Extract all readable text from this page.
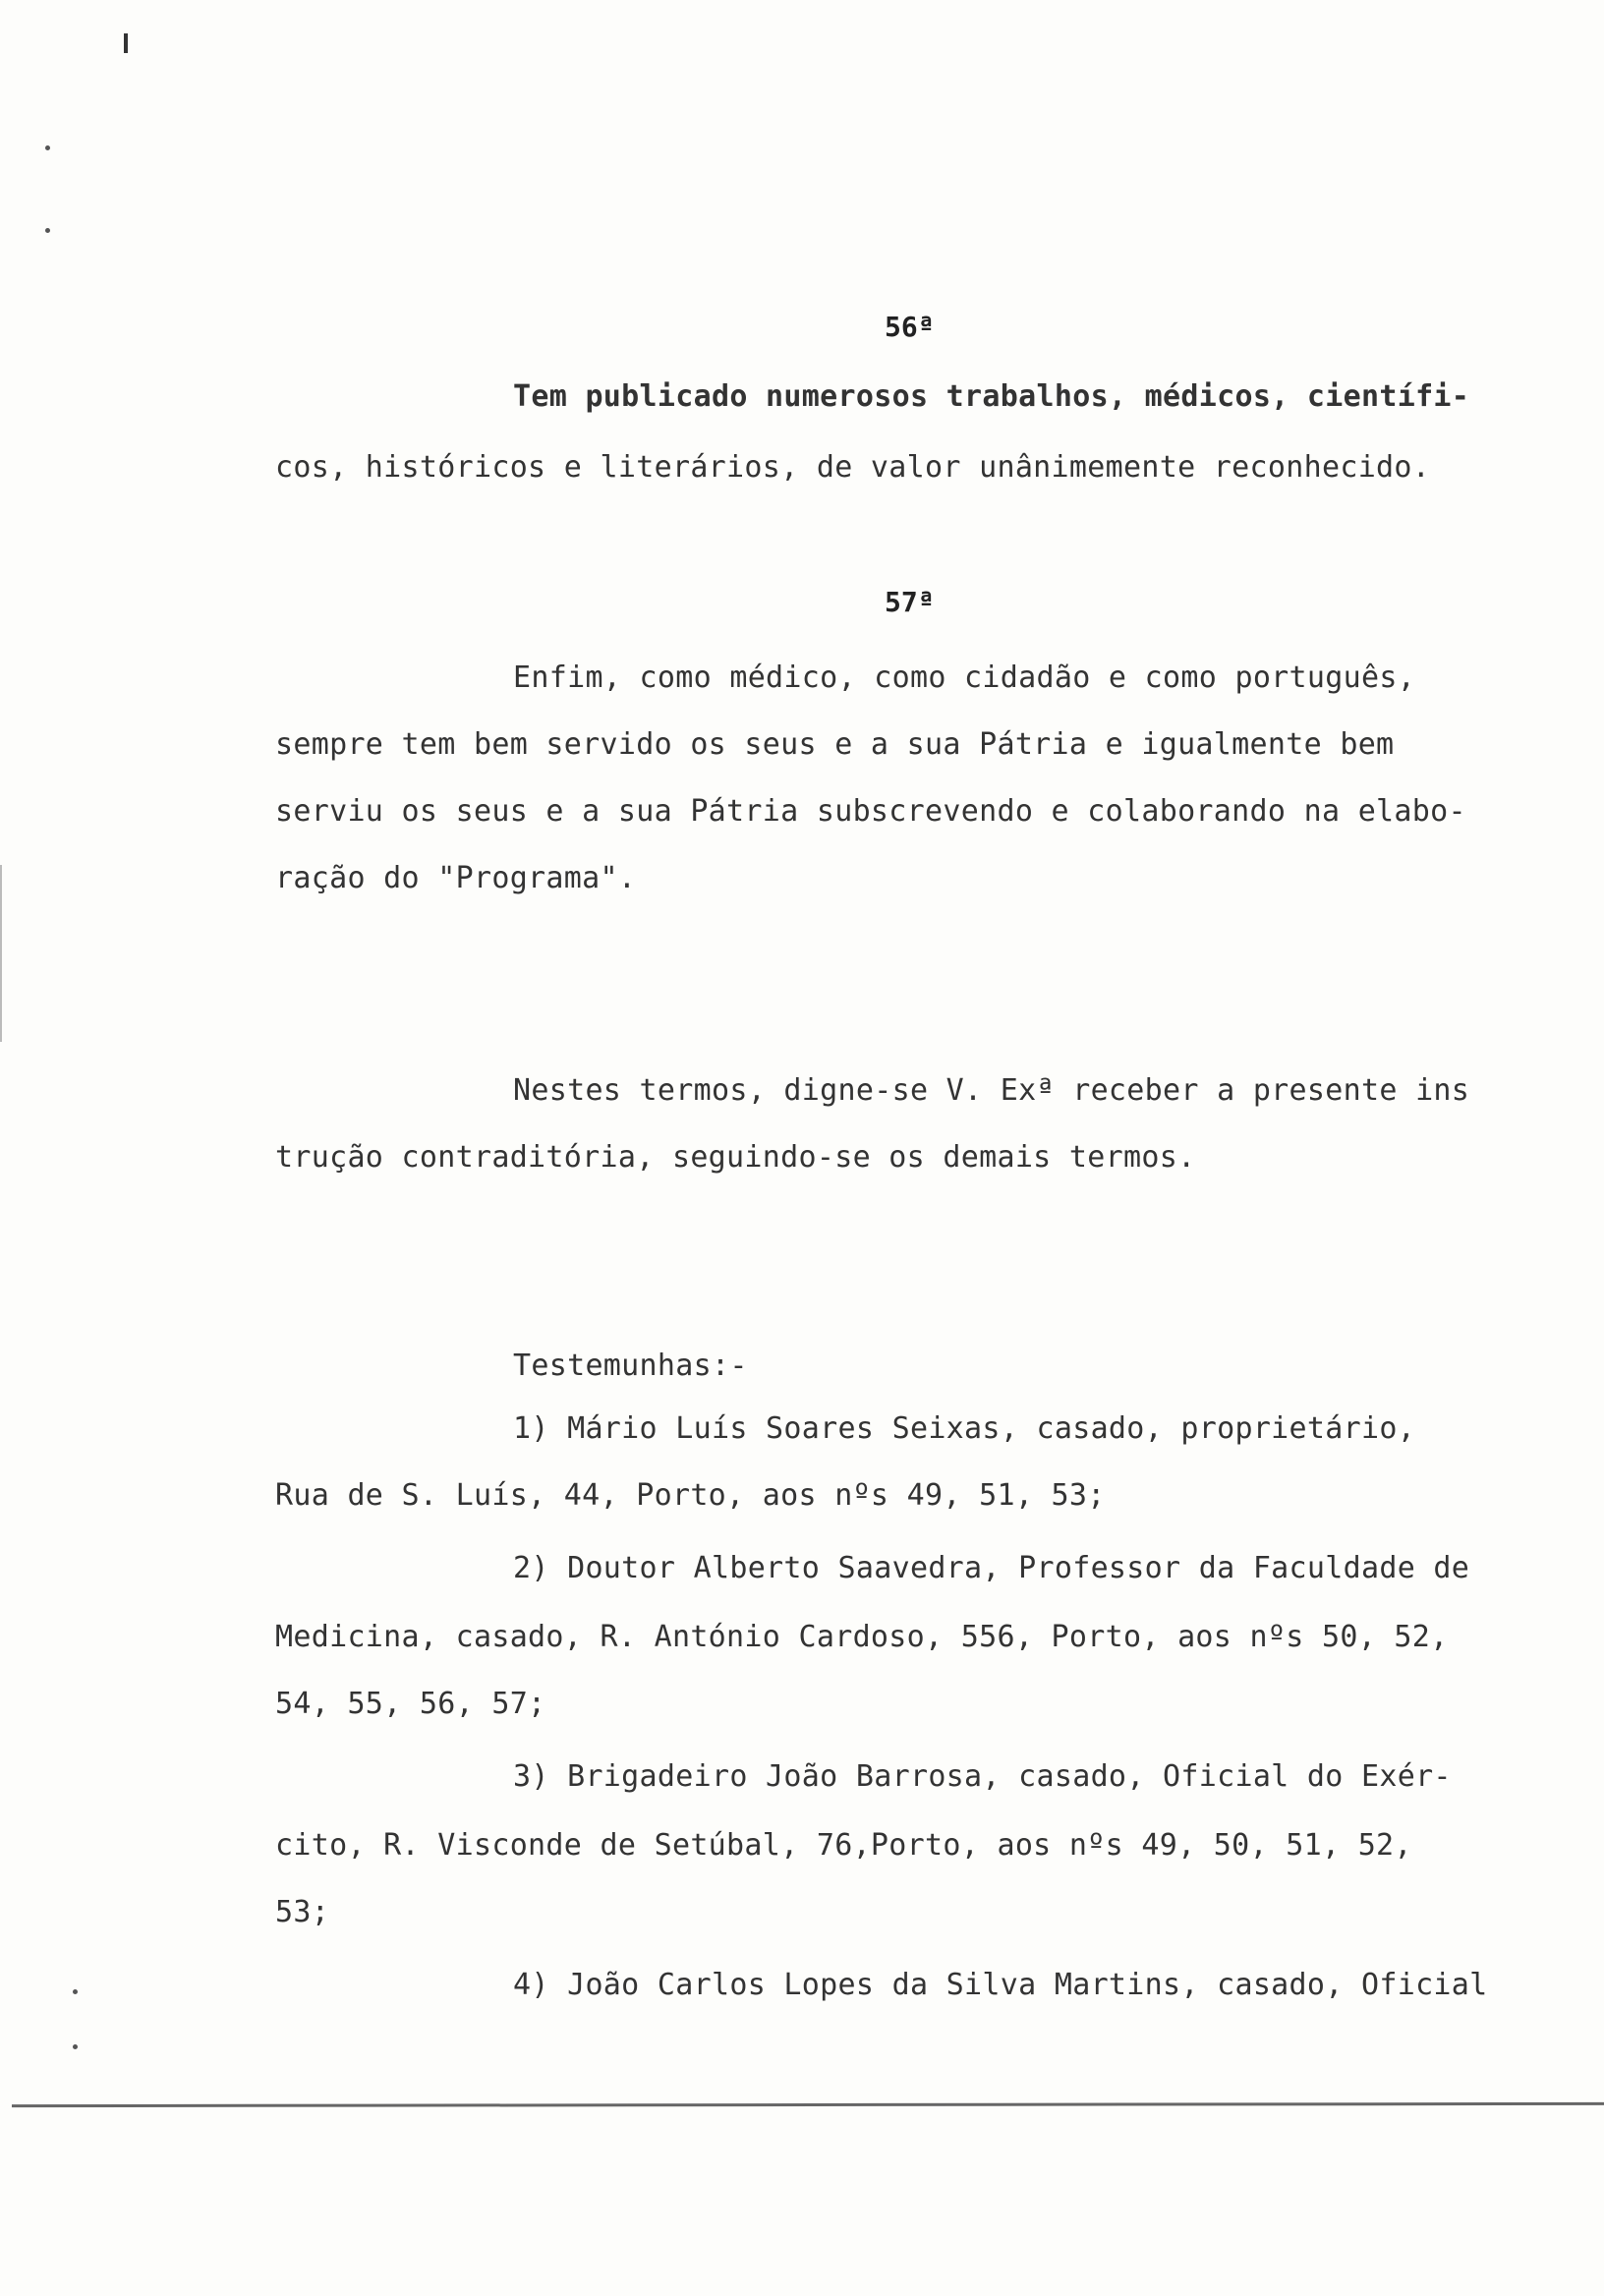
56ª
Tem publicado numerosos trabalhos, médicos, científi-
cos, históricos e literários, de valor unânimemente reconhecido.
57ª
Enfim, como médico, como cidadão e como português,
sempre tem bem servido os seus e a sua Pátria e igualmente bem
serviu os seus e a sua Pátria subscrevendo e colaborando na elabo-
ração do "Programa".
Nestes termos, digne-se V. Exª receber a presente ins
trução contraditória, seguindo-se os demais termos.
Testemunhas:-
1) Mário Luís Soares Seixas, casado, proprietário,
Rua de S. Luís, 44, Porto, aos nºs 49, 51, 53;
2) Doutor Alberto Saavedra, Professor da Faculdade de
Medicina, casado, R. António Cardoso, 556, Porto, aos nºs 50, 52,
54, 55, 56, 57;
3) Brigadeiro João Barrosa, casado, Oficial do Exér-
cito, R. Visconde de Setúbal, 76,Porto, aos nºs 49, 50, 51, 52,
53;
4) João Carlos Lopes da Silva Martins, casado, Oficial
